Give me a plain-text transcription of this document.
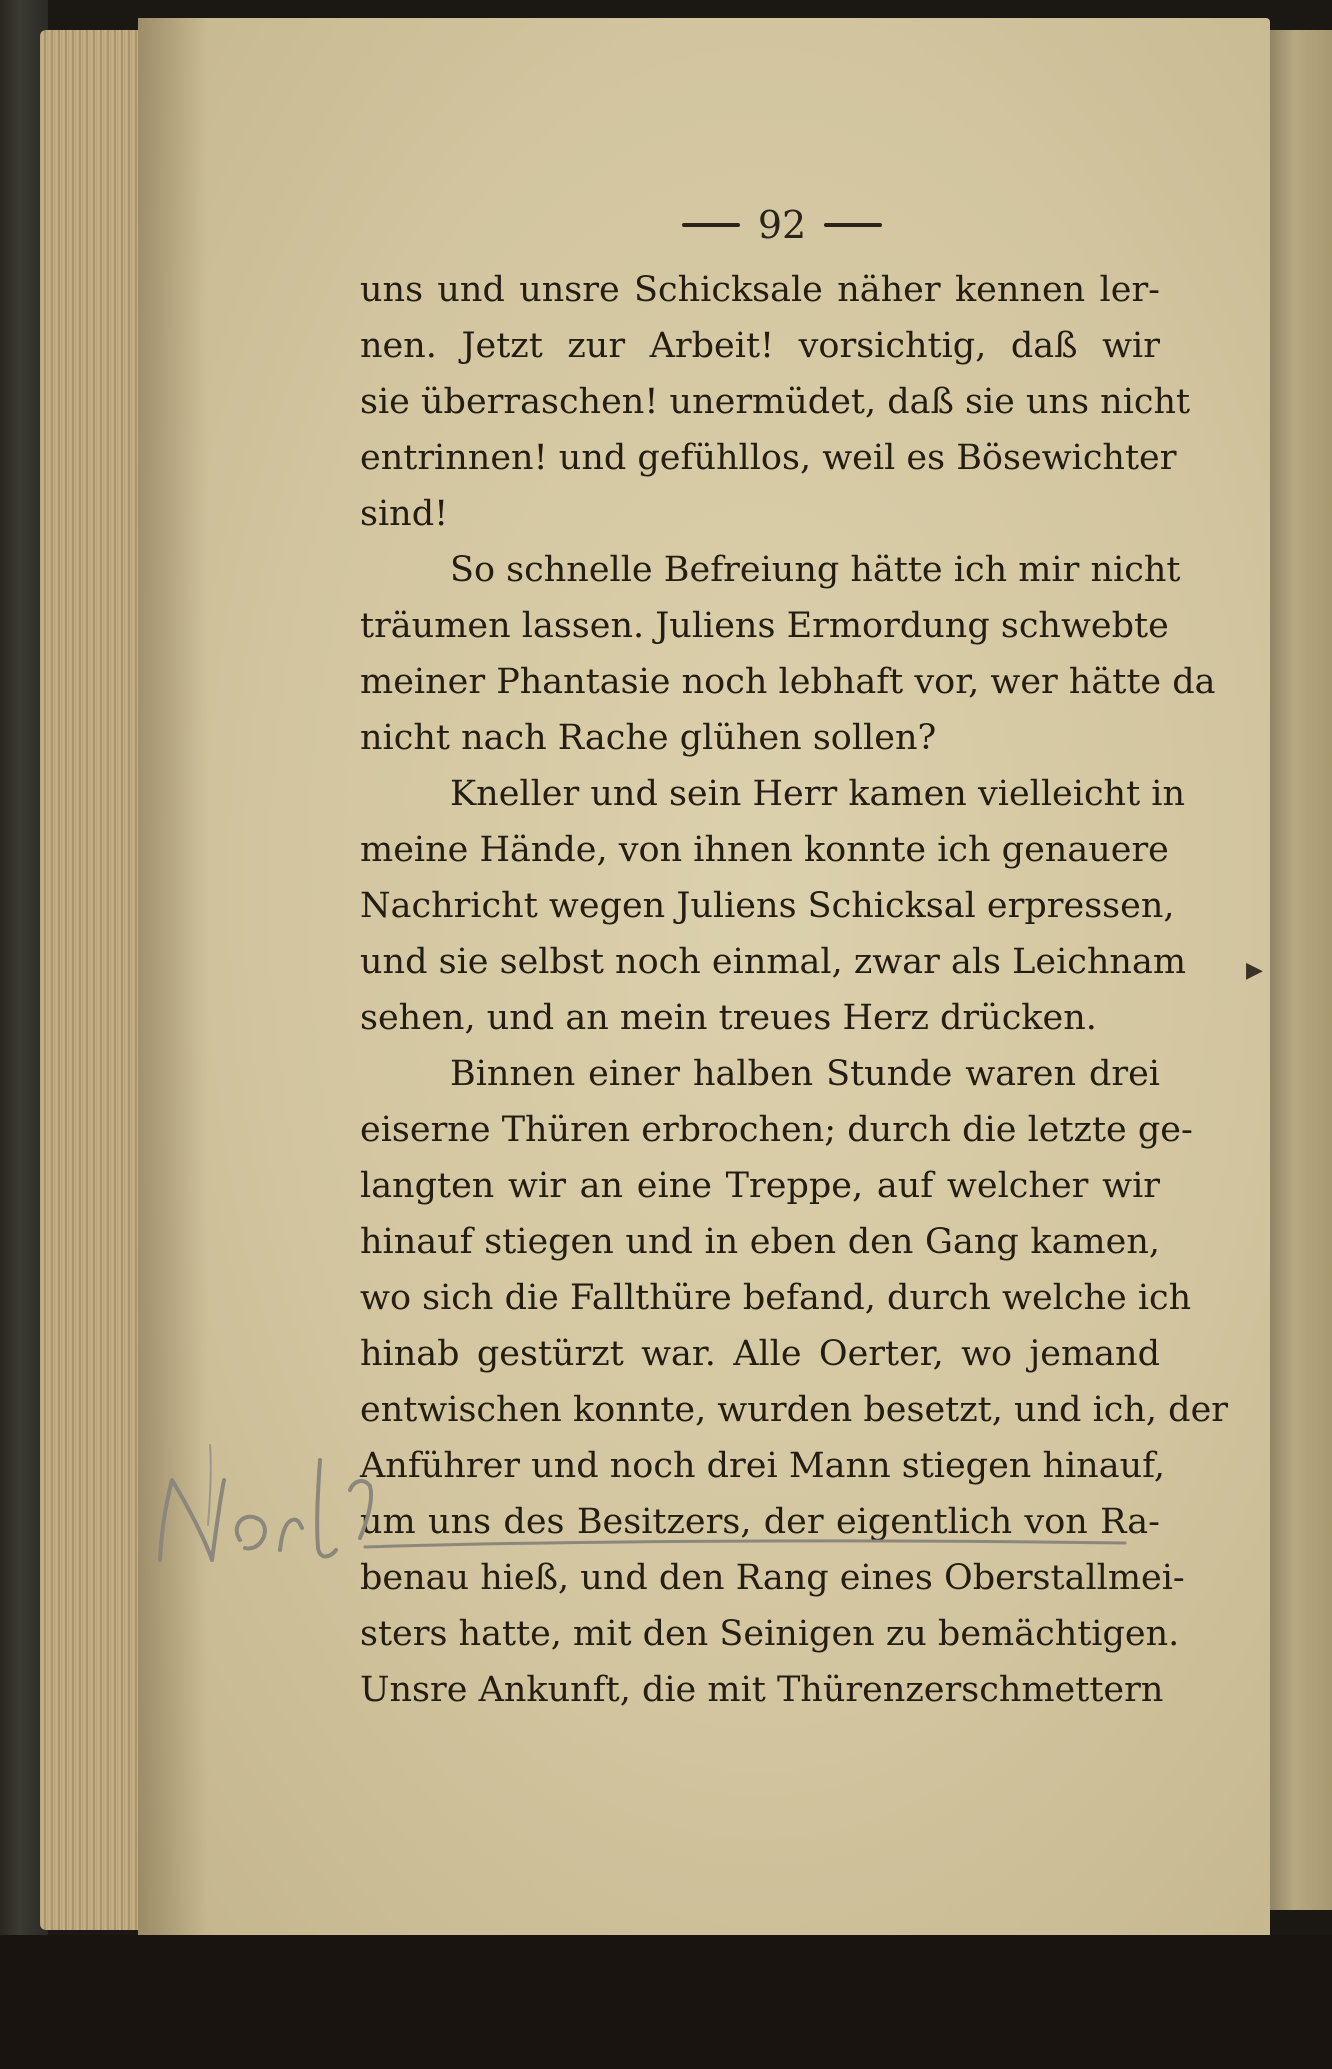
▶
92
uns und unsre Schicksale näher kennen ler-
nen. Jetzt zur Arbeit! vorsichtig, daß wir
sie überraschen! unermüdet, daß sie uns nicht
entrinnen! und gefühllos, weil es Bösewichter
sind!
So schnelle Befreiung hätte ich mir nicht
träumen lassen. Juliens Ermordung schwebte
meiner Phantasie noch lebhaft vor, wer hätte da
nicht nach Rache glühen sollen?
Kneller und sein Herr kamen vielleicht in
meine Hände, von ihnen konnte ich genauere
Nachricht wegen Juliens Schicksal erpressen,
und sie selbst noch einmal, zwar als Leichnam
sehen, und an mein treues Herz drücken.
Binnen einer halben Stunde waren drei
eiserne Thüren erbrochen; durch die letzte ge-
langten wir an eine Treppe, auf welcher wir
hinauf stiegen und in eben den Gang kamen,
wo sich die Fallthüre befand, durch welche ich
hinab gestürzt war. Alle Oerter, wo jemand
entwischen konnte, wurden besetzt, und ich, der
Anführer und noch drei Mann stiegen hinauf,
um uns des Besitzers, der eigentlich von Ra-
benau hieß, und den Rang eines Oberstallmei-
sters hatte, mit den Seinigen zu bemächtigen.
Unsre Ankunft, die mit Thürenzerschmettern
